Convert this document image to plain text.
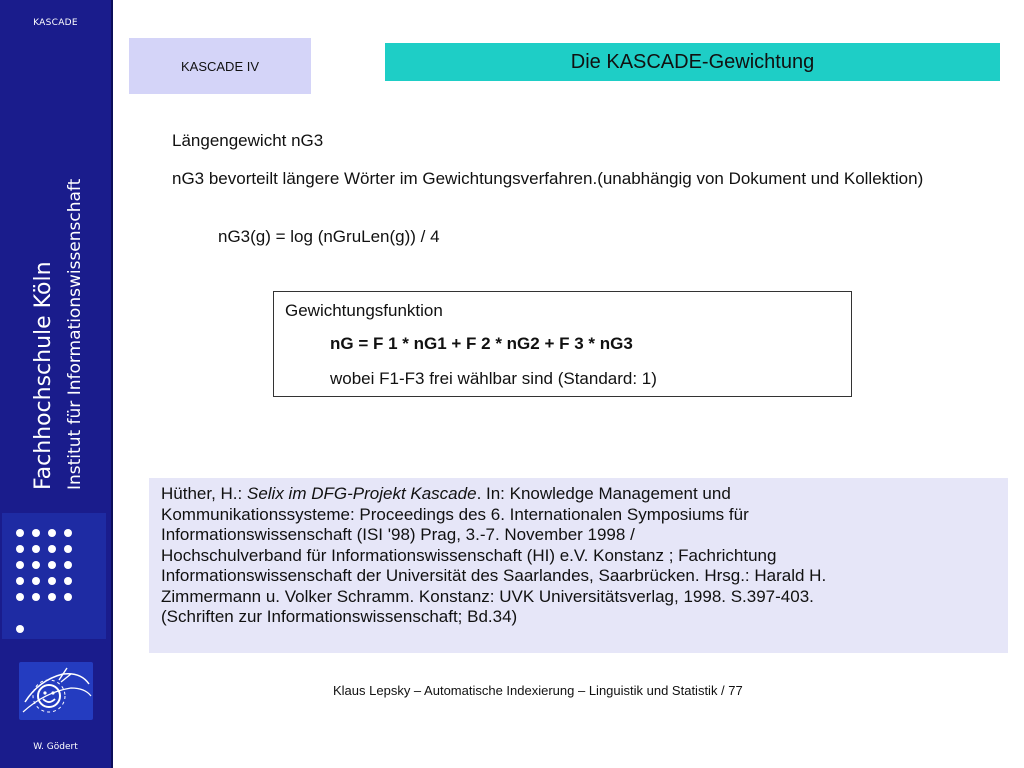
KASCADE
Fachhochschule Köln Institut für Informationswissenschaft
W. Gödert
KASCADE IV	Die KASCADE-Gewichtung
Längengewicht nG3
nG3 bevorteilt längere Wörter im Gewichtungsverfahren.(unabhängig von Dokument und Kollektion)
nG3(g) = log (nGruLen(g)) / 4
Gewichtungsfunktion
nG = F 1 * nG1 + F 2 * nG2 + F 3 * nG3
wobei F1-F3 frei wählbar sind (Standard: 1)
Hüther, H.: Selix im DFG-Projekt Kascade. In: Knowledge Management und
Kommunikationssysteme: Proceedings des 6. Internationalen Symposiums für
Informationswissenschaft (ISI '98) Prag, 3.-7. November 1998 /
Hochschulverband für Informationswissenschaft (HI) e.V. Konstanz ; Fachrichtung
Informationswissenschaft der Universität des Saarlandes, Saarbrücken. Hrsg.: Harald H.
Zimmermann u. Volker Schramm. Konstanz: UVK Universitätsverlag, 1998. S.397-403.
(Schriften zur Informationswissenschaft; Bd.34)
Klaus Lepsky – Automatische Indexierung – Linguistik und Statistik / 77
